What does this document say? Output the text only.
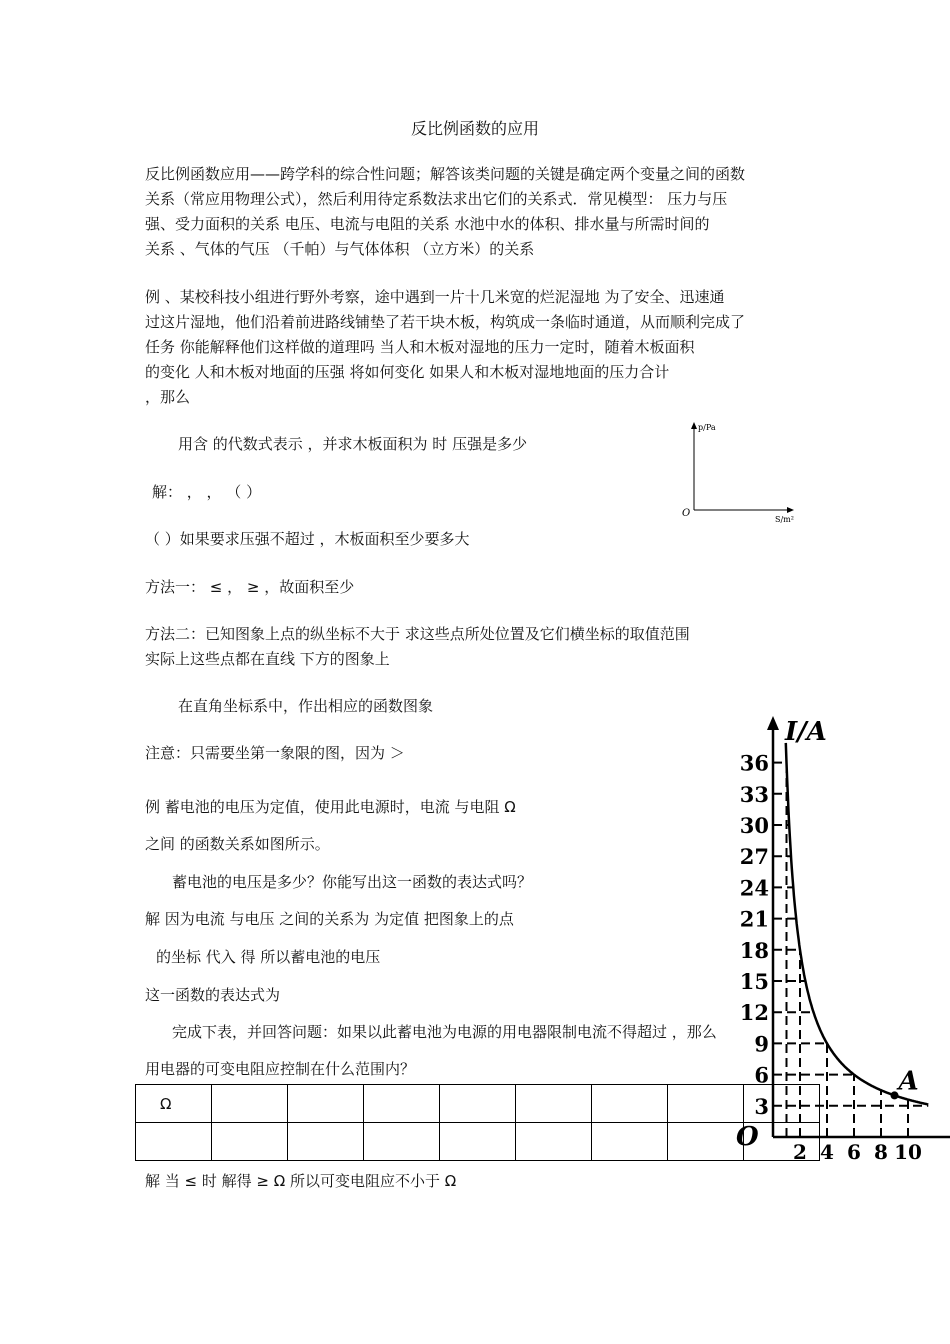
反比例函数的应用
反比例函数应用——跨学科的综合性问题；解答该类问题的关键是确定两个变量之间的函数
关系（常应用物理公式），然后利用待定系数法求出它们的关系式．常见模型： 压力与压
强、受力面积的关系 电压、电流与电阻的关系 水池中水的体积、排水量与所需时间的
关系 、气体的气压 （千帕）与气体体积 （立方米）的关系
例 、某校科技小组进行野外考察，途中遇到一片十几米宽的烂泥湿地 为了安全、迅速通
过这片湿地，他们沿着前进路线铺垫了若干块木板，构筑成一条临时通道，从而顺利完成了
任务 你能解释他们这样做的道理吗 当人和木板对湿地的压力一定时，随着木板面积
的变化 人和木板对地面的压强 将如何变化 如果人和木板对湿地地面的压力合计
，那么
用含 的代数式表示 ，并求木板面积为 时 压强是多少
解： ， ， （ ）
（ ）如果要求压强不超过 ，木板面积至少要多大
方法一： ≤ ， ≥ ，故面积至少
方法二：已知图象上点的纵坐标不大于 求这些点所处位置及它们横坐标的取值范围
实际上这些点都在直线 下方的图象上
在直角坐标系中，作出相应的函数图象
注意：只需要坐第一象限的图，因为 ＞
例 蓄电池的电压为定值，使用此电源时，电流 与电阻 Ω
之间 的函数关系如图所示。
蓄电池的电压是多少？你能写出这一函数的表达式吗？
解 因为电流 与电压 之间的关系为 为定值 把图象上的点
的坐标 代入 得 所以蓄电池的电压
这一函数的表达式为
完成下表，并回答问题：如果以此蓄电池为电源的用电器限制电流不得超过 ，那么
用电器的可变电阻应控制在什么范围内？
Ω								

解 当 ≤ 时 解得 ≥ Ω 所以可变电阻应不小于 Ω
p/Pa
O
S/m²
3
6
9
12
15
18
21
24
27
30
33
36
2 4 6 8 10
I/A
O
A
